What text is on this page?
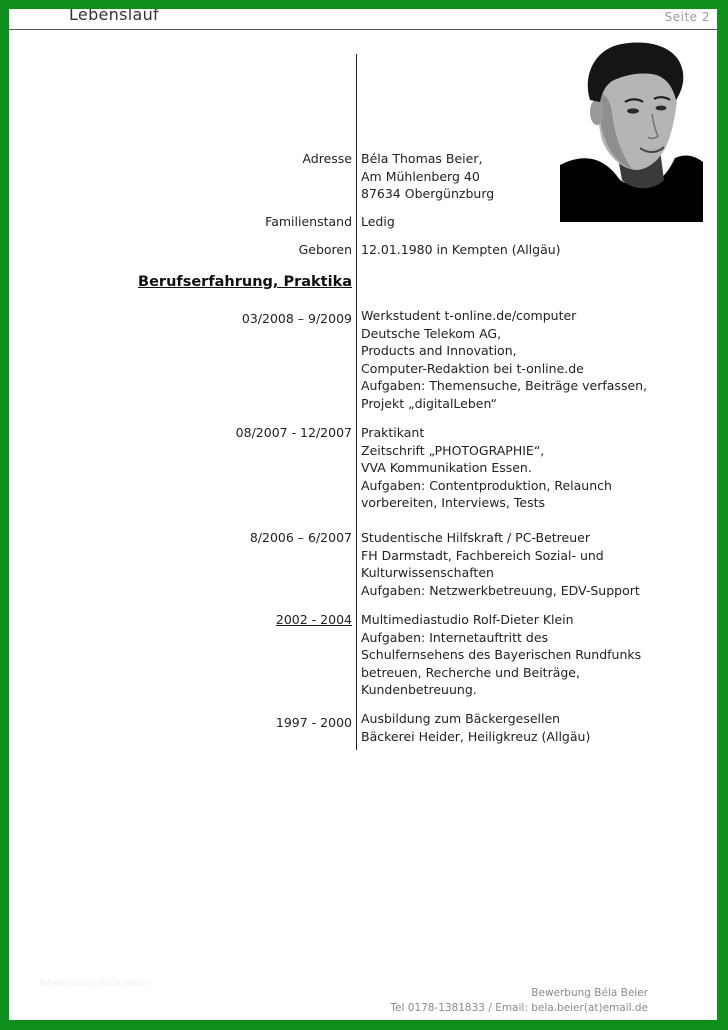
Lebenslauf	Seite 2
Adresse Béla Thomas Beier,
Am Mühlenberg 40
87634 Obergünzburg
Familienstand Ledig
Geboren 12.01.1980 in Kempten (Allgäu)
Berufserfahrung, Praktika
03/2008 – 9/2009 Werkstudent t-online.de/computer
Deutsche Telekom AG,
Products and Innovation,
Computer-Redaktion bei t-online.de
Aufgaben: Themensuche, Beiträge verfassen,
Projekt „digitalLeben“
08/2007 - 12/2007 Praktikant
Zeitschrift „PHOTOGRAPHIE“,
VVA Kommunikation Essen.
Aufgaben: Contentproduktion, Relaunch
vorbereiten, Interviews, Tests
8/2006 – 6/2007 Studentische Hilfskraft / PC-Betreuer
FH Darmstadt, Fachbereich Sozial- und
Kulturwissenschaften
Aufgaben: Netzwerkbetreuung, EDV-Support
2002 - 2004 Multimediastudio Rolf-Dieter Klein
Aufgaben: Internetauftritt des
Schulfernsehens des Bayerischen Rundfunks
betreuen, Recherche und Beiträge,
Kundenbetreuung.
1997 - 2000 Ausbildung zum Bäckergesellen
Bäckerei Heider, Heiligkreuz (Allgäu)
Bewerbung Béla Beier
Bewerbung Béla Beier
Tel 0178-1381833 / Email: bela.beier(at)email.de
